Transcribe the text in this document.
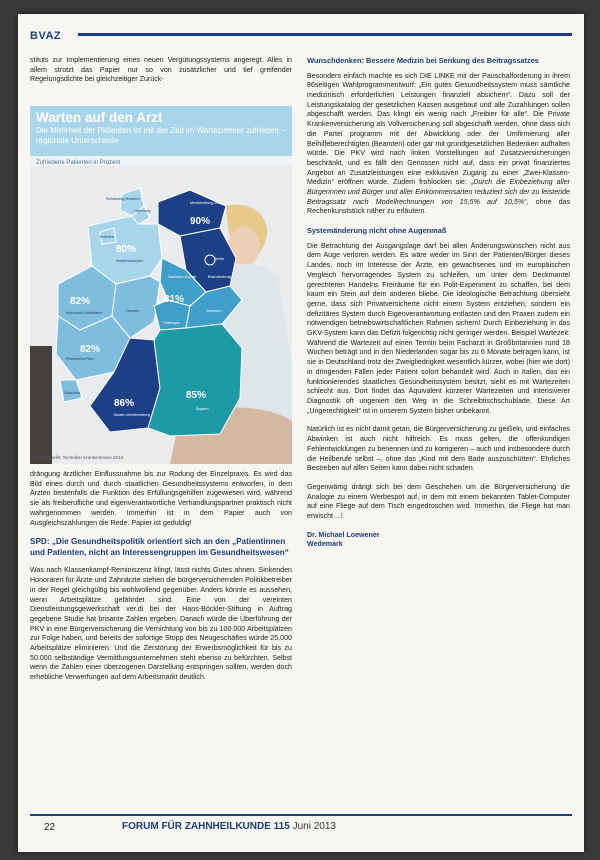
BVAZ

stituts zur Implementierung eines neuen Vergütungssystems angeregt. Alles in allem strotzt das Papier nur so von zusätzlicher und tief greifender Regelungsdichte bei gleichzeitiger Zurück-

Warten auf den Arzt
Die Mehrheit der Patienten ist mit der Zeit im Wartezimmer zufrieden – regionale Unterschiede
Zufriedene Patienten in Prozent
Schleswig-Holstein
Hamburg
Mecklenburg-Vorpommern
Bremen
Niedersachsen	Berlin
Brandenburg
Sachsen-Anhalt
Nordrhein-Westfalen	Hessen
Thüringen
Sachsen
Rheinland-Pfalz
Saarland
Baden-Württemberg
Bayern
80%
90%
82%	81%
82%
86%
85%
Grafik/Quelle: Techniker Krankenkasse 2013

drängung ärztlicher Einflussnahme bis zur Rodung der Einzelpraxis. Es wird das Bild eines durch und durch staatlichen Gesundheitssystems entworfen, in dem Ärzten bestenfalls die Funktion des Erfüllungsgehilfen zugewiesen wird, während sie als freiberufliche und eigenverantwortliche Verhandlungspartner praktisch nicht wahrgenommen werden. Immerhin ist in dem Papier auch von Ausgleichszahlungen die Rede. Papier ist geduldig!

SPD: „Die Gesundheitspolitik orientiert sich an den „Patientinnen und Patienten, nicht an Interessengruppen im Gesundheitswesen“

Was nach Klassenkampf-Reminiszenz klingt, lässt nichts Gutes ahnen. Sinkenden Honoraren für Ärzte und Zahnärzte stehen die bürgerversichernden Politikbetreiber in der Regel gleichgültig bis wohlwollend gegenüber. Anders könnte es aussehen, wenn Arbeitsplätze gefährdet sind. Eine von der vereinten Dienstleistungsgewerkschaft ver.di bei der Hans-Böckler-Stiftung in Auftrag gegebene Studie hat brisante Zahlen ergeben. Danach würde die Überführung der PKV in eine Bürgerversicherung die Vernichtung von bis zu 100.000 Arbeitsplätzen zur Folge haben, und bereits der sofortige Stopp des Neugeschäftes würde 25.000 Arbeitsplätze eliminieren. Und die Zerstörung der Erwerbsmöglichkeit für bis zu 50.000 selbständige Vermittlungsunternehmen steht ebenso zu befürchten. Selbst wenn die Zahlen einer überzogenen Darstellung entspringen sollten, werden doch erhebliche Verwerfungen auf dem Arbeitsmarkt deutlich.

Wunschdenken: Bessere Medizin bei Senkung des Beitragssatzes

Besonders einfach machte es sich DIE LINKE mit der Pauschalforderung in ihrem 86seitigen Wahlprogrammentwurf: „Ein gutes Gesundheitssystem muss sämtliche medizinisch erforderlichen Leistungen finanziell absichern“. Dazu soll der Leistungskatalog der gesetzlichen Kassen ausgebaut und alle Zuzahlungen sollen abgeschafft werden. Das klingt ein wenig nach „Freibier für alle“. Die Private Krankenversicherung als Vollversicherung soll abgeschafft werden, ohne dass sich die Partei programm mit der Abwicklung oder der Umfirmierung aller Beihilfeberechtigten (Beamten) oder gar mit grundgesetzlichen Bedenken aufhalten würde. Die PKV wird nach linken Vorstellungen auf Zusatzversicherungen beschränkt, und es fällt den Genossen nicht auf, dass ein privat finanziertes Angebot an Zusatzleistungen eine exklusiven Zugang zu einer „Zwei-Klassen-Medizin“ eröffnen würde. Zudem frohlocken sie: „Durch die Einbeziehung aller Bürgerinnen und Bürger und aller Einkommensarten reduziert sich der zu leistende Beitragssatz nach Modellrechnungen von 15,5% auf 10,5%“, ohne das Rechenkunststück näher zu erläutern.

Systemänderung nicht ohne Augenmaß

Die Betrachtung der Ausgangslage darf bei allen Änderungswünschen nicht aus dem Auge verloren werden. Es wäre weder im Sinn der Patienten/Bürger dieses Landes, noch im Interesse der Ärzte, ein gewachsenes und im europäischen Vergleich hervorragendes System zu schleifen, um unter dem Deckmantel gerechteren Handelns Freiräume für ein Polit-Experiment zu schaffen, bei dem kaum ein Stein auf dem anderen bliebe. Die ideologische Betrachtung übersieht gerne, dass sich Privatversicherte nicht einem System entziehen, sondern ein defizitäres System durch Eigenverantwortung entlasten und den Praxen zudem ein notwendigen betriebswirtschaftlichen Rahmen sichern! Durch Einbeziehung in das GKV-System kann das Defizit folgerichtig nicht geringer werden. Beispiel Wartezeit: Während die Wartezeit auf einen Termin beim Facharzt in Großbritannien rund 18 Wochen beträgt und in den Niederlanden sogar bis zu 6 Monate betragen kann, ist sie in Deutschland trotz der Zweigliedrigkeit wesentlich kürzer, wobei (hier wie dort) in dringenden Fällen jeder Patient sofort behandelt wird. Auch in Italien, das ein funktionierendes staatliches Gesundheitssystem besitzt, sieht es mit Wartezeiten schlecht aus. Dort findet das Äquivalent kürzerer Wartezeiten und intensiverer Diagnostik oft ungeniert den Weg in die Schreibtischschublade. Diese Art „Ungerechtigkeit“ ist in unserem System bisher unbekannt.

Natürlich ist es nicht damit getan, die Bürgerversicherung zu geißeln, und einfaches Abwinken ist auch nicht hilfreich. Es muss gelten, die offenkundigen Fehlentwicklungen zu benennen und zu korrigieren – auch und insbesondere durch die Heilberufe selbst –, ohne das „Kind mit dem Bade auszuschütten“. Ehrliches Bestreben auf allen Seiten kann dabei nicht schaden.

Gegenwärtig drängt sich bei dem Geschehen um die Bürgerversicherung die Analogie zu einem Werbespot auf, in dem mit einem bekannten Tablet-Computer auf eine Fliege auf dem Tisch eingedroschen wird. Immerhin, die Fliege hat man erwischt ...!

Dr. Michael Loewener
Wedemark
22	FORUM FÜR ZAHNHEILKUNDE 115 Juni 2013
